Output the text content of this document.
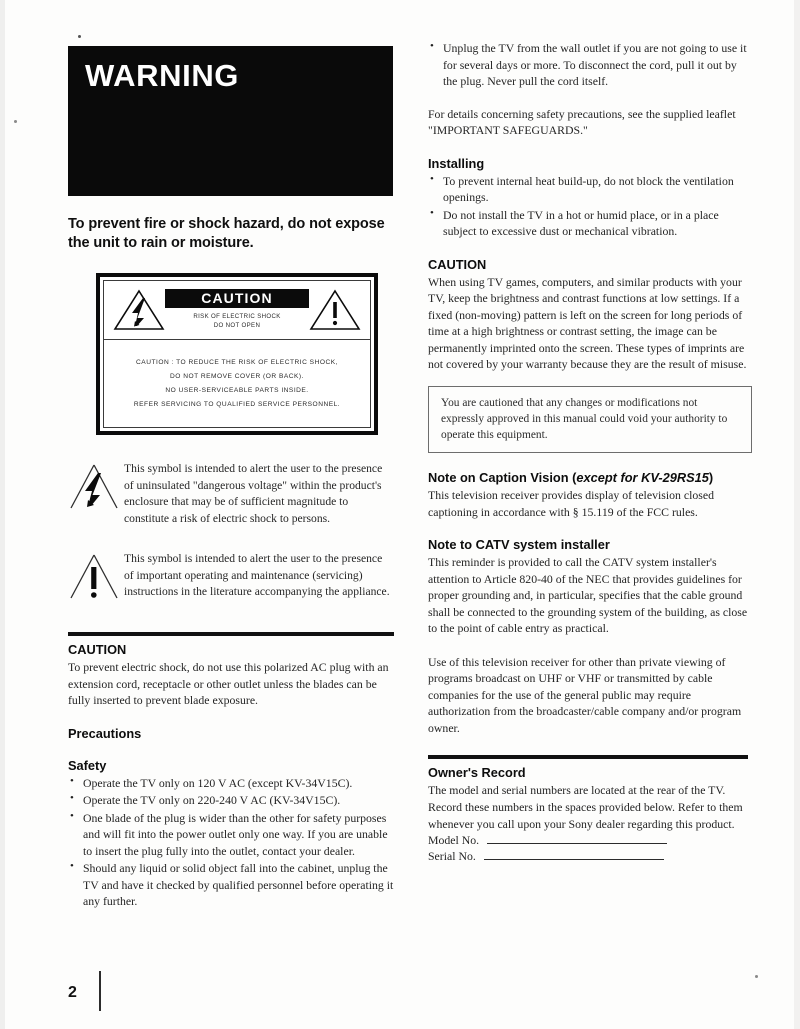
WARNING
To prevent fire or shock hazard, do not expose the unit to rain or moisture.
CAUTION
RISK OF ELECTRIC SHOCK
DO NOT OPEN
CAUTION : TO REDUCE THE RISK OF ELECTRIC SHOCK,
DO NOT REMOVE COVER (OR BACK).
NO USER-SERVICEABLE PARTS INSIDE.
REFER SERVICING TO QUALIFIED SERVICE PERSONNEL.
This symbol is intended to alert the user to the presence of uninsulated "dangerous voltage" within the product's enclosure that may be of sufficient magnitude to constitute a risk of electric shock to persons.
This symbol is intended to alert the user to the presence of important operating and maintenance (servicing) instructions in the literature accompanying the appliance.
CAUTION

To prevent electric shock, do not use this polarized AC plug with an extension cord, receptacle or other outlet unless the blades can be fully inserted to prevent blade exposure.

Precautions
Safety
• Operate the TV only on 120 V AC (except KV-34V15C).
• Operate the TV only on 220-240 V AC (KV-34V15C).
• One blade of the plug is wider than the other for safety purposes and will fit into the power outlet only one way. If you are unable to insert the plug fully into the outlet, contact your dealer.
• Should any liquid or solid object fall into the cabinet, unplug the TV and have it checked by qualified personnel before operating it any further.
• Unplug the TV from the wall outlet if you are not going to use it for several days or more. To disconnect the cord, pull it out by the plug. Never pull the cord itself.

For details concerning safety precautions, see the supplied leaflet "IMPORTANT SAFEGUARDS."

Installing
• To prevent internal heat build-up, do not block the ventilation openings.
• Do not install the TV in a hot or humid place, or in a place subject to excessive dust or mechanical vibration.
CAUTION

When using TV games, computers, and similar products with your TV, keep the brightness and contrast functions at low settings. If a fixed (non-moving) pattern is left on the screen for long periods of time at a high brightness or contrast setting, the image can be permanently imprinted onto the screen. These types of imprints are not covered by your warranty because they are the result of misuse.

You are cautioned that any changes or modifications not expressly approved in this manual could void your authority to operate this equipment.

Note on Caption Vision (except for KV-29RS15)

This television receiver provides display of television closed captioning in accordance with § 15.119 of the FCC rules.

Note to CATV system installer

This reminder is provided to call the CATV system installer's attention to Article 820-40 of the NEC that provides guidelines for proper grounding and, in particular, specifies that the cable ground shall be connected to the grounding system of the building, as close to the point of cable entry as practical.

Use of this television receiver for other than private viewing of programs broadcast on UHF or VHF or transmitted by cable companies for the use of the general public may require authorization from the broadcaster/cable company and/or program owner.

Owner's Record

The model and serial numbers are located at the rear of the TV. Record these numbers in the spaces provided below. Refer to them whenever you call upon your Sony dealer regarding this product.

Model No.
Serial No.
2
